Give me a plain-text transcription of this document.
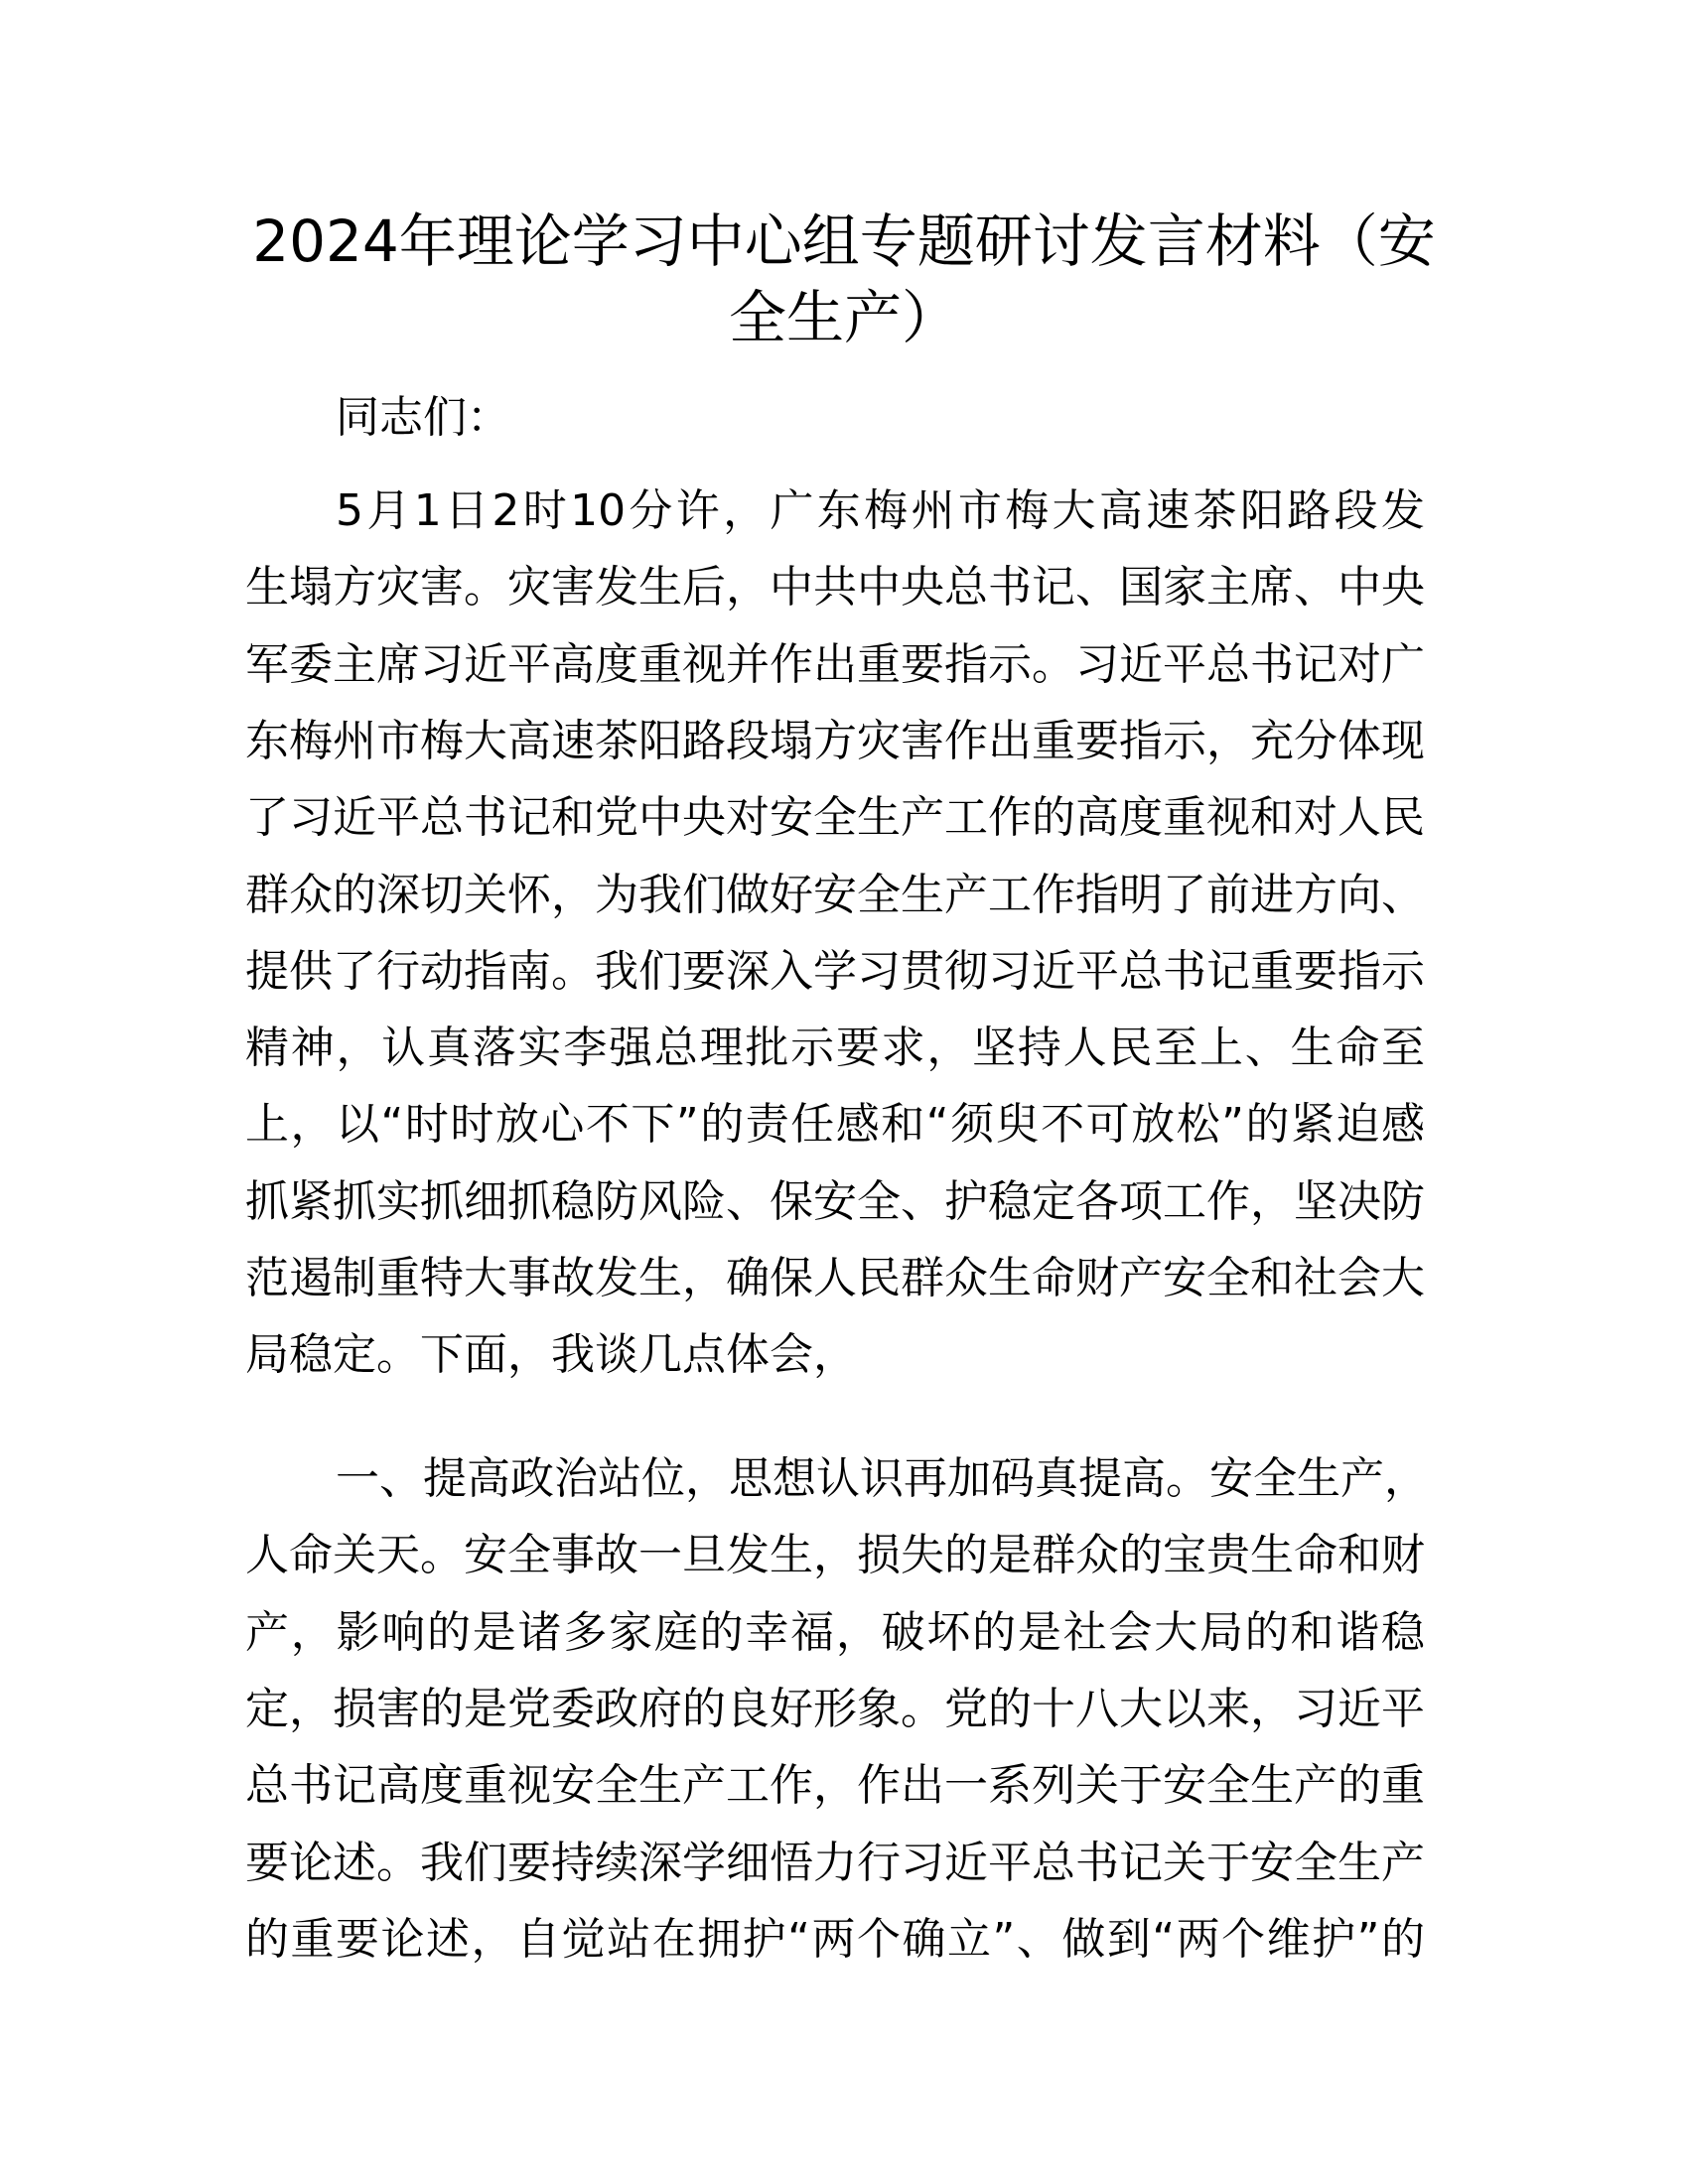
2024年理论学习中心组专题研讨发言材料（安
全生产）
同志们：
5月1日2时10分许，广东梅州市梅大高速茶阳路段发
生塌方灾害。灾害发生后，中共中央总书记、国家主席、中央
军委主席习近平高度重视并作出重要指示。习近平总书记对广
东梅州市梅大高速茶阳路段塌方灾害作出重要指示，充分体现
了习近平总书记和党中央对安全生产工作的高度重视和对人民
群众的深切关怀，为我们做好安全生产工作指明了前进方向、
提供了行动指南。我们要深入学习贯彻习近平总书记重要指示
精神，认真落实李强总理批示要求，坚持人民至上、生命至
上，以“时时放心不下”的责任感和“须臾不可放松”的紧迫感
抓紧抓实抓细抓稳防风险、保安全、护稳定各项工作，坚决防
范遏制重特大事故发生，确保人民群众生命财产安全和社会大
局稳定。下面，我谈几点体会，
一、提高政治站位，思想认识再加码真提高。安全生产，
人命关天。安全事故一旦发生，损失的是群众的宝贵生命和财
产，影响的是诸多家庭的幸福，破坏的是社会大局的和谐稳
定，损害的是党委政府的良好形象。党的十八大以来，习近平
总书记高度重视安全生产工作，作出一系列关于安全生产的重
要论述。我们要持续深学细悟力行习近平总书记关于安全生产
的重要论述，自觉站在拥护“两个确立”、做到“两个维护”的
